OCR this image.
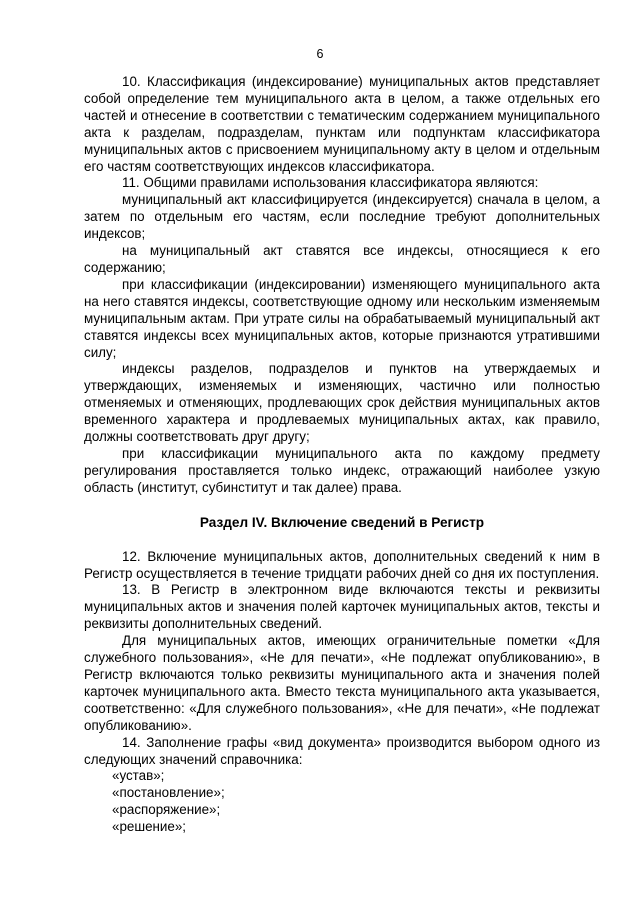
6

10. Классификация (индексирование) муниципальных актов представляет собой определение тем муниципального акта в целом, а также отдельных его частей и отнесение в соответствии с тематическим содержанием муниципального акта к разделам, подразделам, пунктам или подпунктам классификатора муниципальных актов с присвоением муниципальному акту в целом и отдельным его частям соответствующих индексов классификатора.

11. Общими правилами использования классификатора являются:

муниципальный акт классифицируется (индексируется) сначала в целом, а затем по отдельным его частям, если последние требуют дополнительных индексов;

на муниципальный акт ставятся все индексы, относящиеся к его содержанию;

при классификации (индексировании) изменяющего муниципального акта на него ставятся индексы, соответствующие одному или нескольким изменяемым муниципальным актам. При утрате силы на обрабатываемый муниципальный акт ставятся индексы всех муниципальных актов, которые признаются утратившими силу;

индексы разделов, подразделов и пунктов на утверждаемых и утверждающих, изменяемых и изменяющих, частично или полностью отменяемых и отменяющих, продлевающих срок действия муниципальных актов временного характера и продлеваемых муниципальных актах, как правило, должны соответствовать друг другу;

при классификации муниципального акта по каждому предмету регулирования проставляется только индекс, отражающий наиболее узкую область (институт, субинститут и так далее) права.

Раздел IV. Включение сведений в Регистр

12. Включение муниципальных актов, дополнительных сведений к ним в Регистр осуществляется в течение тридцати рабочих дней со дня их поступления.

13. В Регистр в электронном виде включаются тексты и реквизиты муниципальных актов и значения полей карточек муниципальных актов, тексты и реквизиты дополнительных сведений.

Для муниципальных актов, имеющих ограничительные пометки «Для служебного пользования», «Не для печати», «Не подлежат опубликованию», в Регистр включаются только реквизиты муниципального акта и значения полей карточек муниципального акта. Вместо текста муниципального акта указывается, соответственно: «Для служебного пользования», «Не для печати», «Не подлежат опубликованию».

14. Заполнение графы «вид документа» производится выбором одного из следующих значений справочника:

«устав»;

«постановление»;

«распоряжение»;

«решение»;
